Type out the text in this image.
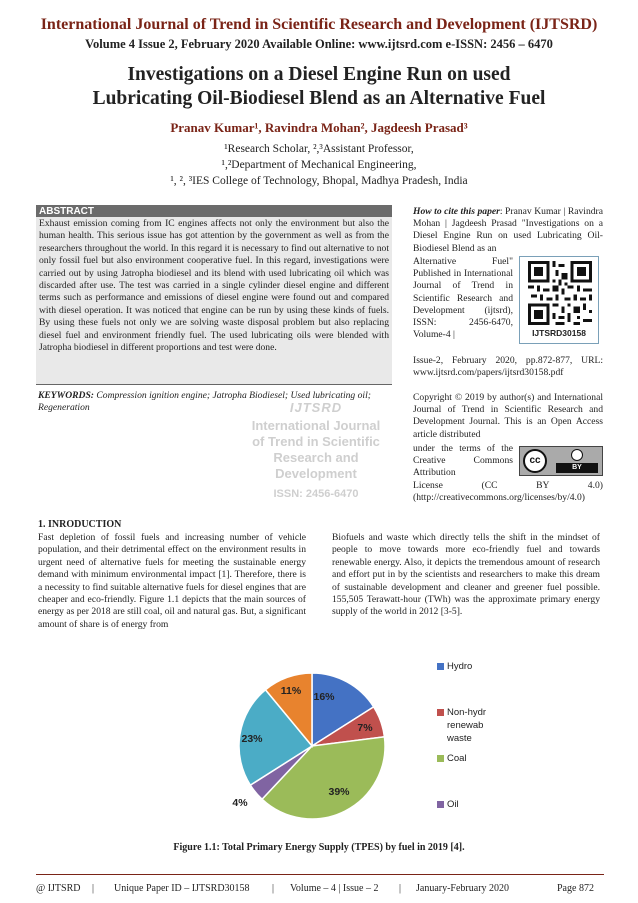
International Journal of Trend in Scientific Research and Development (IJTSRD)
Volume 4 Issue 2, February 2020 Available Online: www.ijtsrd.com e-ISSN: 2456 – 6470
Investigations on a Diesel Engine Run on used
Lubricating Oil-Biodiesel Blend as an Alternative Fuel
Pranav Kumar¹, Ravindra Mohan², Jagdeesh Prasad³
¹Research Scholar, ²,³Assistant Professor,
¹,²Department of Mechanical Engineering,
¹, ², ³IES College of Technology, Bhopal, Madhya Pradesh, India
ABSTRACT
Exhaust emission coming from IC engines affects not only the environment but also the human health. This serious issue has got attention by the government as well as from the researchers throughout the world. In this regard it is necessary to find out alternative to not only fossil fuel but also environment cooperative fuel. In this regard, investigations were carried out by using Jatropha biodiesel and its blend with used lubricating oil which was discarded after use. The test was carried in a single cylinder diesel engine and different terms such as performance and emissions of diesel engine were found out and compared with diesel operation. It was noticed that engine can be run by using these kinds of fuels. By using these fuels not only we are solving waste disposal problem but also replacing diesel fuel and environment friendly fuel. The used lubricating oils were blended with Jatropha biodiesel in different proportions and test were done.
KEYWORDS: Compression ignition engine; Jatropha Biodiesel; Used lubricating oil; Regeneration
How to cite this paper: Pranav Kumar | Ravindra Mohan | Jagdeesh Prasad "Investigations on a Diesel Engine Run on used Lubricating Oil-Biodiesel Blend as an
Alternative Fuel" Published in International Journal of Trend in Scientific Research and Development (ijtsrd), ISSN: 2456-6470, Volume-4 |
Issue-2, February 2020, pp.872-877, URL: www.ijtsrd.com/papers/ijtsrd30158.pdf
IJTSRD30158
Copyright © 2019 by author(s) and International Journal of Trend in Scientific Research and Development Journal. This is an Open Access article distributed
under the terms of the Creative Commons Attribution
License (CC BY 4.0) (http://creativecommons.org/licenses/by/4.0)
cc
BY
IJTSRD
International Journal
of Trend in Scientific
Research and
Development
ISSN: 2456-6470
1. INRODUCTION
Fast depletion of fossil fuels and increasing number of vehicle population, and their detrimental effect on the environment results in urgent need of alternative fuels for meeting the sustainable energy demand with minimum environmental impact [1]. Therefore, there is a necessity to find suitable alternative fuels for diesel engines that are cheaper and eco-friendly. Figure 1.1 depicts that the main sources of energy as per 2018 are still coal, oil and natural gas. But, a significant amount of share is of energy from
Biofuels and waste which directly tells the shift in the mindset of people to move towards more eco-friendly fuel and towards renewable energy. Also, it depicts the tremendous amount of research and effort put in by the scientists and researchers to make this dream of sustainable development and cleaner and greener fuel possible. 155,505 Terawatt-hour (TWh) was the approximate primary energy supply of the world in 2012 [3-5].
16%
7%
39%
4%
23%
11%
Hydro
Non-hydr
renewab
waste
Coal
Oil
Figure 1.1: Total Primary Energy Supply (TPES) by fuel in 2019 [4].
@ IJTSRD | Unique Paper ID – IJTSRD30158 | Volume – 4 | Issue – 2 | January-February 2020	Page 872
